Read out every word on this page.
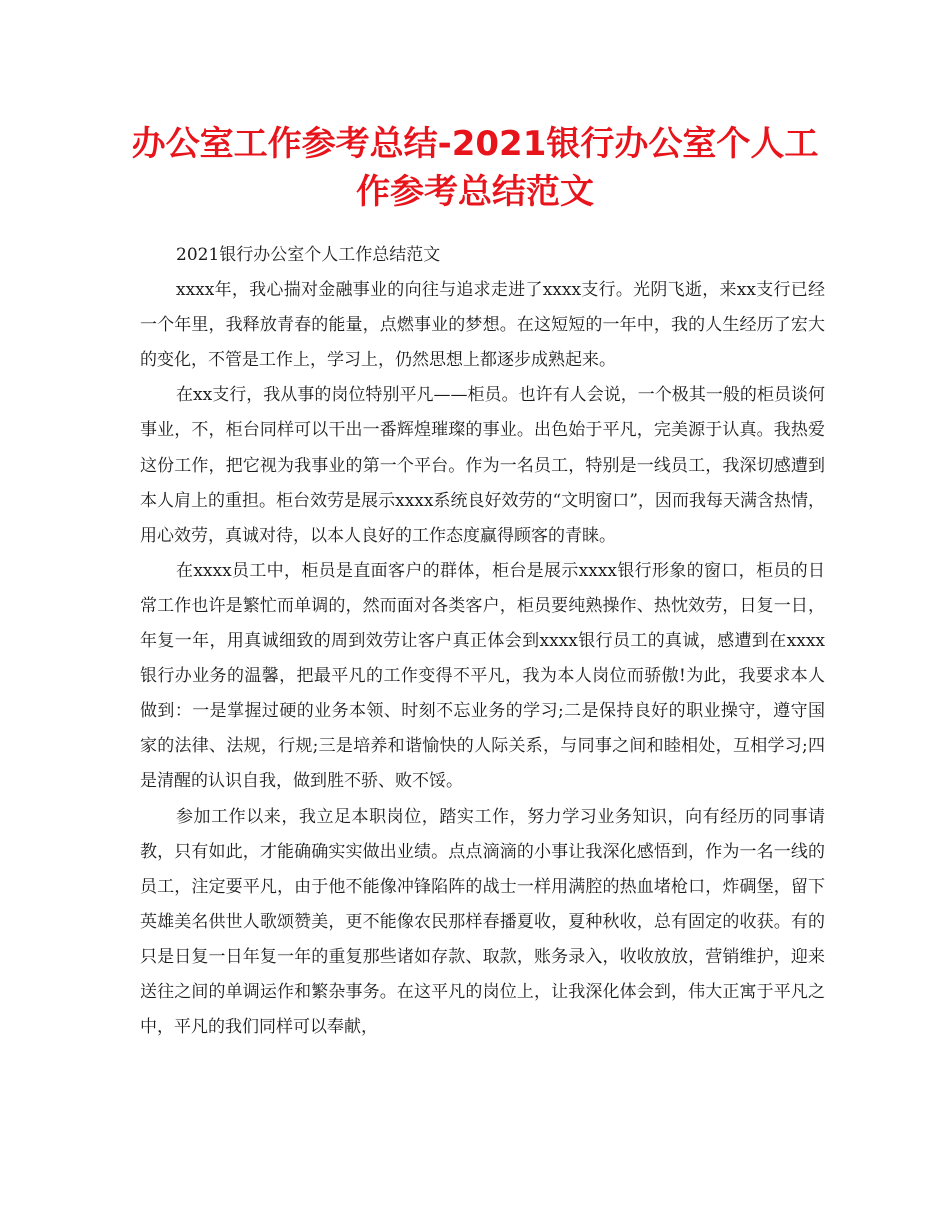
办公室工作参考总结-2021银行办公室个人工作参考总结范文

2021银行办公室个人工作总结范文

xxxx年，我心揣对金融事业的向往与追求走进了xxxx支行。光阴飞逝，来xx支行已经一个年里，我释放青春的能量，点燃事业的梦想。在这短短的一年中，我的人生经历了宏大的变化，不管是工作上，学习上，仍然思想上都逐步成熟起来。

在xx支行，我从事的岗位特别平凡——柜员。也许有人会说，一个极其一般的柜员谈何事业，不，柜台同样可以干出一番辉煌璀璨的事业。出色始于平凡，完美源于认真。我热爱这份工作，把它视为我事业的第一个平台。作为一名员工，特别是一线员工，我深切感遭到本人肩上的重担。柜台效劳是展示xxxx系统良好效劳的“文明窗口”，因而我每天满含热情，用心效劳，真诚对待，以本人良好的工作态度赢得顾客的青睐。

在xxxx员工中，柜员是直面客户的群体，柜台是展示xxxx银行形象的窗口，柜员的日常工作也许是繁忙而单调的，然而面对各类客户，柜员要纯熟操作、热忱效劳，日复一日，年复一年，用真诚细致的周到效劳让客户真正体会到xxxx银行员工的真诚，感遭到在xxxx银行办业务的温馨，把最平凡的工作变得不平凡，我为本人岗位而骄傲!为此，我要求本人做到：一是掌握过硬的业务本领、时刻不忘业务的学习;二是保持良好的职业操守，遵守国家的法律、法规，行规;三是培养和谐愉快的人际关系，与同事之间和睦相处，互相学习;四是清醒的认识自我，做到胜不骄、败不馁。

参加工作以来，我立足本职岗位，踏实工作，努力学习业务知识，向有经历的同事请教，只有如此，才能确确实实做出业绩。点点滴滴的小事让我深化感悟到，作为一名一线的员工，注定要平凡，由于他不能像冲锋陷阵的战士一样用满腔的热血堵枪口，炸碉堡，留下英雄美名供世人歌颂赞美，更不能像农民那样春播夏收，夏种秋收，总有固定的收获。有的只是日复一日年复一年的重复那些诸如存款、取款，账务录入，收收放放，营销维护，迎来送往之间的单调运作和繁杂事务。在这平凡的岗位上，让我深化体会到，伟大正寓于平凡之中，平凡的我们同样可以奉献，
